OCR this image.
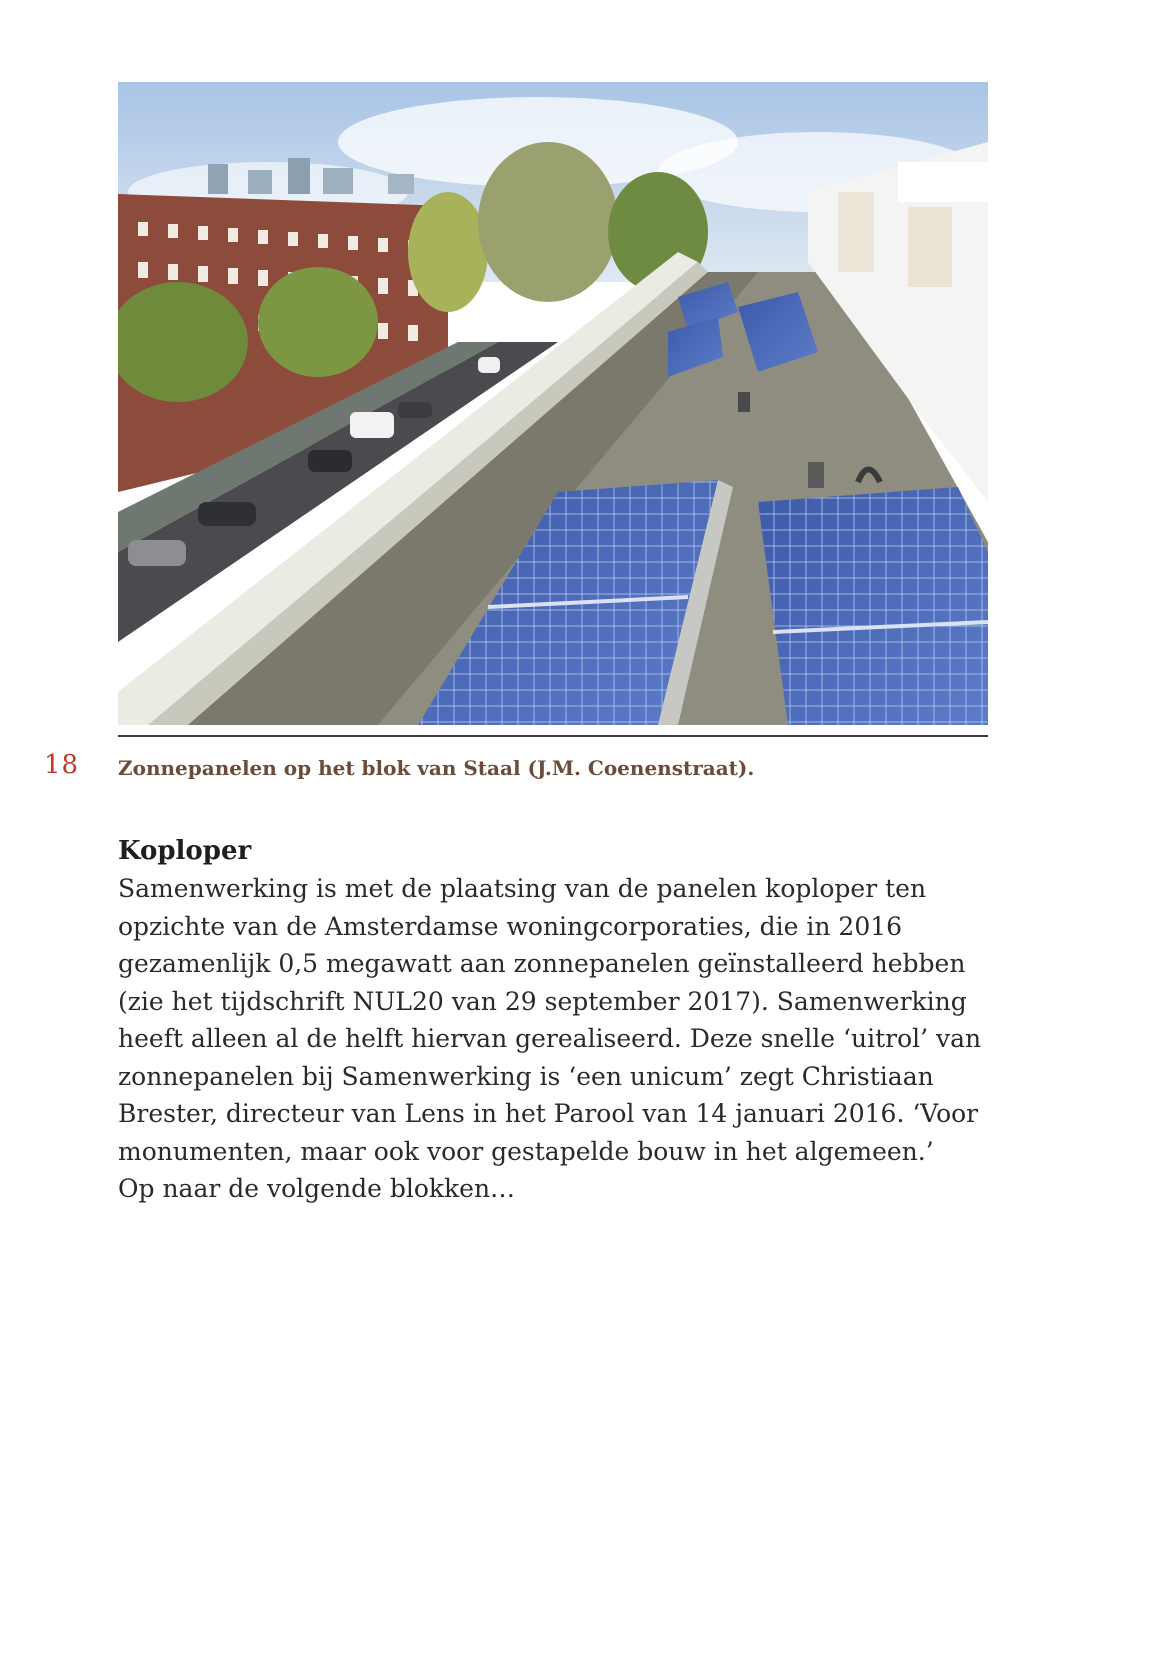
18 Zonnepanelen op het blok van Staal (J.M. Coenenstraat).
Koploper

Samenwerking is met de plaatsing van de panelen koploper ten
opzichte van de Amsterdamse woningcorporaties, die in 2016
gezamenlijk 0,5 megawatt aan zonnepanelen geïnstalleerd hebben
(zie het tijdschrift NUL20 van 29 september 2017). Samenwerking
heeft alleen al de helft hiervan gerealiseerd. Deze snelle ‘uitrol’ van
zonnepanelen bij Samenwerking is ‘een unicum’ zegt Christiaan
Brester, directeur van Lens in het Parool van 14 januari 2016. ‘Voor
monumenten, maar ook voor gestapelde bouw in het algemeen.’
Op naar de volgende blokken…
